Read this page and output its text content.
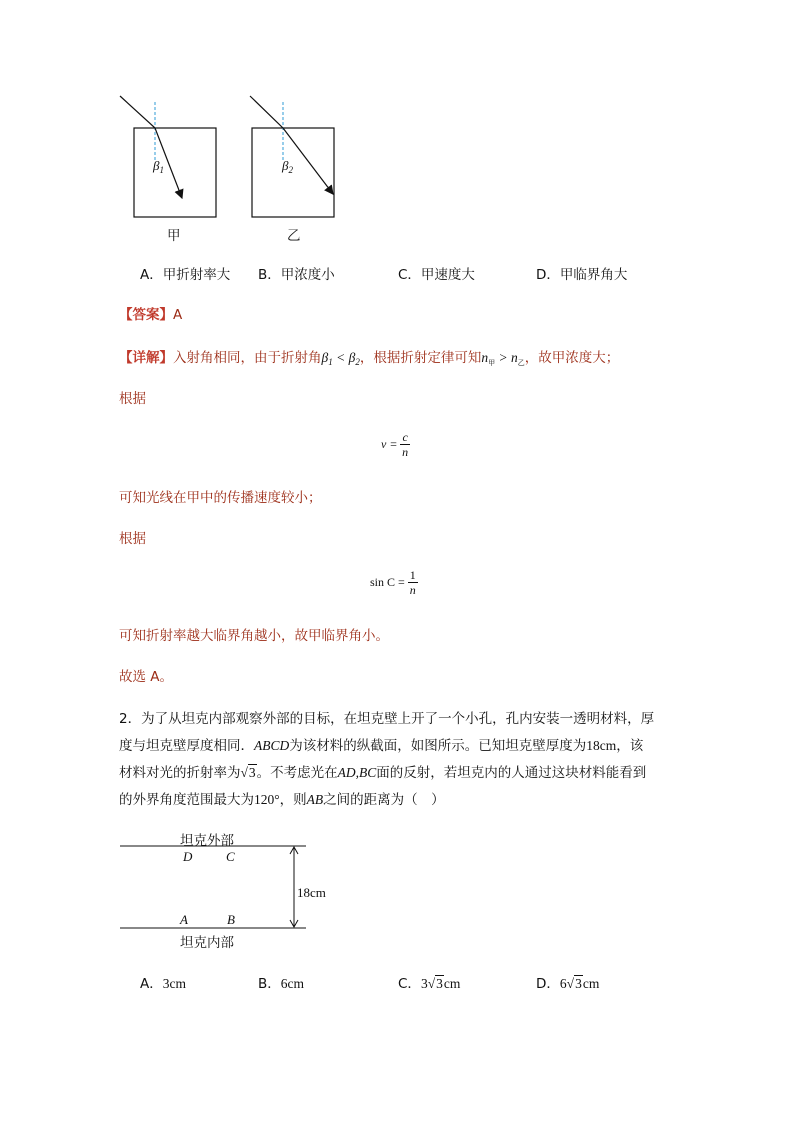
$\beta_1$	$\beta_2$
甲	乙
A．甲折射率大 B．甲浓度小	C．甲速度大	D．甲临界角大
【答案】A
【详解】入射角相同，由于折射角$\beta_1 < \beta_2$，根据折射定律可知$n_甲 > n_乙$，故甲浓度大；
根据
$v = \frac{c}{n}$
可知光线在甲中的传播速度较小；
根据
$\sin C = \frac{1}{n}$
可知折射率越大临界角越小，故甲临界角小。
故选 A。
2．为了从坦克内部观察外部的目标，在坦克壁上开了一个小孔，孔内安装一透明材料，厚
度与坦克壁厚度相同．ABCD为该材料的纵截面，如图所示。已知坦克壁厚度为18cm，该
材料对光的折射率为√3。不考虑光在AD,BC面的反射，若坦克内的人通过这块材料能看到
的外界角度范围最大为120°，则AB之间的距离为（　）
坦克外部
D	C
18cm
A	B
坦克内部
A．3cm	B．6cm	C．3√3cm	D．6√3cm
